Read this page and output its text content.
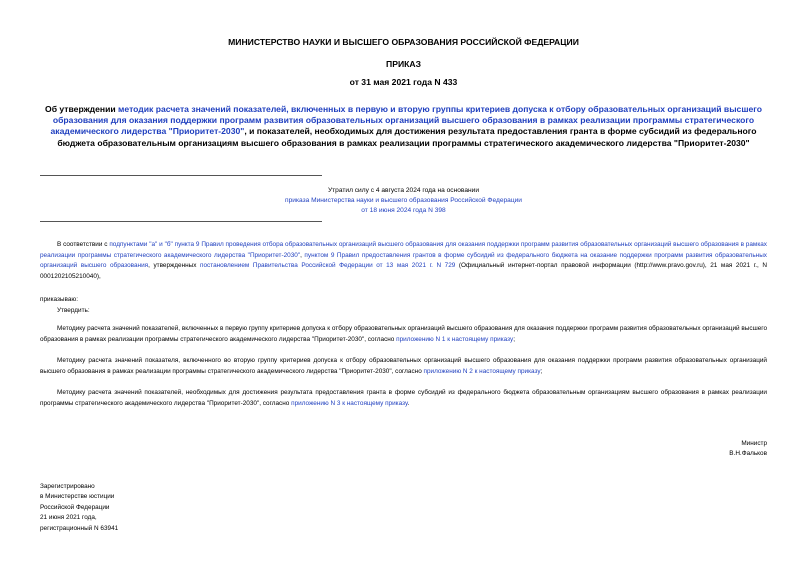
МИНИСТЕРСТВО НАУКИ И ВЫСШЕГО ОБРАЗОВАНИЯ РОССИЙСКОЙ ФЕДЕРАЦИИ
ПРИКАЗ
от 31 мая 2021 года N 433
Об утверждении методик расчета значений показателей, включенных в первую и вторую группы критериев допуска к отбору образовательных организаций высшего образования для оказания поддержки программ развития образовательных организаций высшего образования в рамках реализации программы стратегического академического лидерства "Приоритет-2030", и показателей, необходимых для достижения результата предоставления гранта в форме субсидий из федерального бюджета образовательным организациям высшего образования в рамках реализации программы стратегического академического лидерства "Приоритет-2030"
Утратил силу с 4 августа 2024 года на основании
приказа Министерства науки и высшего образования Российской Федерации
от 18 июня 2024 года N 398
В соответствии с подпунктами "а" и "б" пункта 9 Правил проведения отбора образовательных организаций высшего образования для оказания поддержки программ развития образовательных организаций высшего образования в рамках реализации программы стратегического академического лидерства "Приоритет-2030", пунктом 9 Правил предоставления грантов в форме субсидий из федерального бюджета на оказание поддержки программ развития образовательных организаций высшего образования, утвержденных постановлением Правительства Российской Федерации от 13 мая 2021 г. N 729 (Официальный интернет-портал правовой информации (http://www.pravo.gov.ru), 21 мая 2021 г., N 0001202105210040),
приказываю:
Утвердить:
Методику расчета значений показателей, включенных в первую группу критериев допуска к отбору образовательных организаций высшего образования для оказания поддержки программ развития образовательных организаций высшего образования в рамках реализации программы стратегического академического лидерства "Приоритет-2030", согласно приложению N 1 к настоящему приказу;
Методику расчета значений показателя, включенного во вторую группу критериев допуска к отбору образовательных организаций высшего образования для оказания поддержки программ развития образовательных организаций высшего образования в рамках реализации программы стратегического академического лидерства "Приоритет-2030", согласно приложению N 2 к настоящему приказу;
Методику расчета значений показателей, необходимых для достижения результата предоставления гранта в форме субсидий из федерального бюджета образовательным организациям высшего образования в рамках реализации программы стратегического академического лидерства "Приоритет-2030", согласно приложению N 3 к настоящему приказу.
Министр
В.Н.Фальков
Зарегистрировано
в Министерстве юстиции
Российской Федерации
21 июня 2021 года,
регистрационный N 63941
